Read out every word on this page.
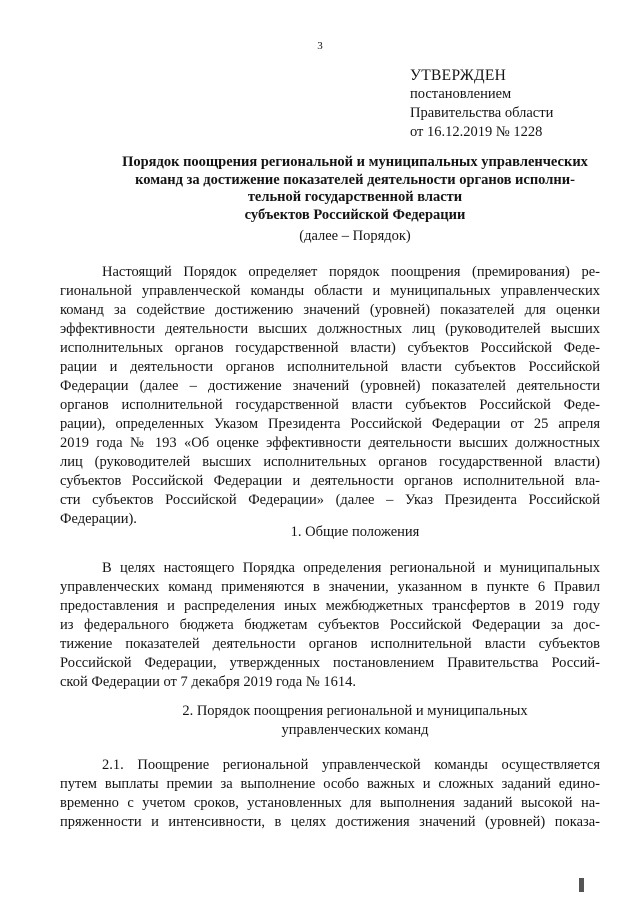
3
УТВЕРЖДЕН
постановлением
Правительства области
от 16.12.2019 № 1228
Порядок поощрения региональной и муниципальных управленческих
команд за достижение показателей деятельности органов исполни-
тельной государственной власти
субъектов Российской Федерации
(далее – Порядок)
Настоящий Порядок определяет порядок поощрения (премирования) ре-
гиональной управленческой команды области и муниципальных управленческих
команд за содействие достижению значений (уровней) показателей для оценки
эффективности деятельности высших должностных лиц (руководителей высших
исполнительных органов государственной власти) субъектов Российской Феде-
рации и деятельности органов исполнительной власти субъектов Российской
Федерации (далее – достижение значений (уровней) показателей деятельности
органов исполнительной государственной власти субъектов Российской Феде-
рации), определенных Указом Президента Российской Федерации от 25 апреля
2019 года № 193 «Об оценке эффективности деятельности высших должностных
лиц (руководителей высших исполнительных органов государственной власти)
субъектов Российской Федерации и деятельности органов исполнительной вла-
сти субъектов Российской Федерации» (далее – Указ Президента Российской
Федерации).
1. Общие положения
В целях настоящего Порядка определения региональной и муниципальных
управленческих команд применяются в значении, указанном в пункте 6 Правил
предоставления и распределения иных межбюджетных трансфертов в 2019 году
из федерального бюджета бюджетам субъектов Российской Федерации за дос-
тижение показателей деятельности органов исполнительной власти субъектов
Российской Федерации, утвержденных постановлением Правительства Россий-
ской Федерации от 7 декабря 2019 года № 1614.
2. Порядок поощрения региональной и муниципальных
управленческих команд
2.1. Поощрение региональной управленческой команды осуществляется
путем выплаты премии за выполнение особо важных и сложных заданий едино-
временно с учетом сроков, установленных для выполнения заданий высокой на-
пряженности и интенсивности, в целях достижения значений (уровней) показа-
